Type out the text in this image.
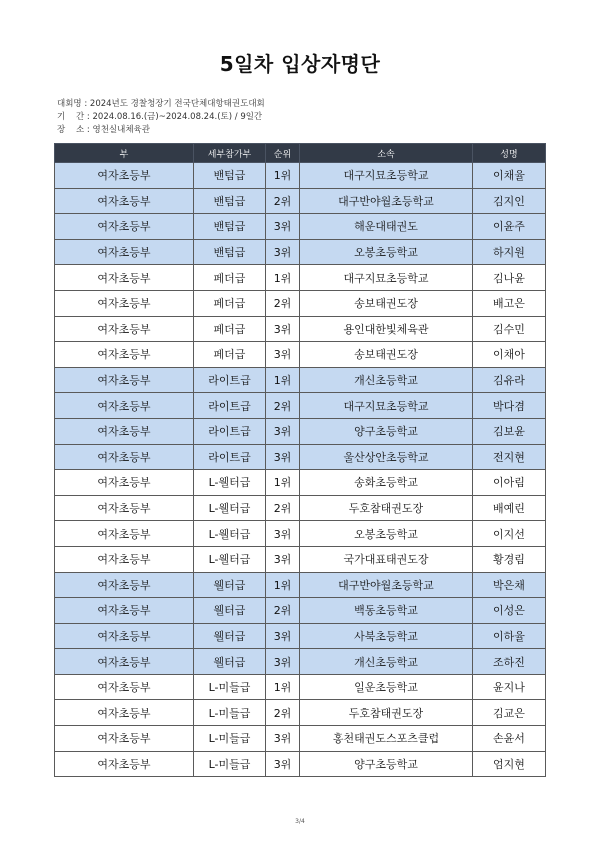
5일차 입상자명단
대회명 : 2024년도 경찰청장기 전국단체대항태권도대회
기    간 : 2024.08.16.(금)~2024.08.24.(토) / 9일간
장    소 : 영천실내체육관
부	세부참가부	순위	소속	성명
여자초등부	밴텀급	1위	대구지묘초등학교	이채율
여자초등부	밴텀급	2위	대구반야월초등학교	김지인
여자초등부	밴텀급	3위	해운대태권도	이윤주
여자초등부	밴텀급	3위	오봉초등학교	하지원
여자초등부	페더급	1위	대구지묘초등학교	김나윤
여자초등부	페더급	2위	송보태권도장	배고은
여자초등부	페더급	3위	용인대한빛체육관	김수민
여자초등부	페더급	3위	송보태권도장	이채아
여자초등부	라이트급	1위	개신초등학교	김유라
여자초등부	라이트급	2위	대구지묘초등학교	박다겸
여자초등부	라이트급	3위	양구초등학교	김보윤
여자초등부	라이트급	3위	울산상안초등학교	전지현
여자초등부	L-웰터급	1위	송화초등학교	이아림
여자초등부	L-웰터급	2위	두호참태권도장	배예린
여자초등부	L-웰터급	3위	오봉초등학교	이지선
여자초등부	L-웰터급	3위	국가대표태권도장	황경림
여자초등부	웰터급	1위	대구반야월초등학교	박은채
여자초등부	웰터급	2위	백동초등학교	이성은
여자초등부	웰터급	3위	사북초등학교	이하율
여자초등부	웰터급	3위	개신초등학교	조하진
여자초등부	L-미들급	1위	일운초등학교	윤지나
여자초등부	L-미들급	2위	두호참태권도장	김교은
여자초등부	L-미들급	3위	홍천태권도스포츠클럽	손윤서
여자초등부	L-미들급	3위	양구초등학교	엄지현
3/4
